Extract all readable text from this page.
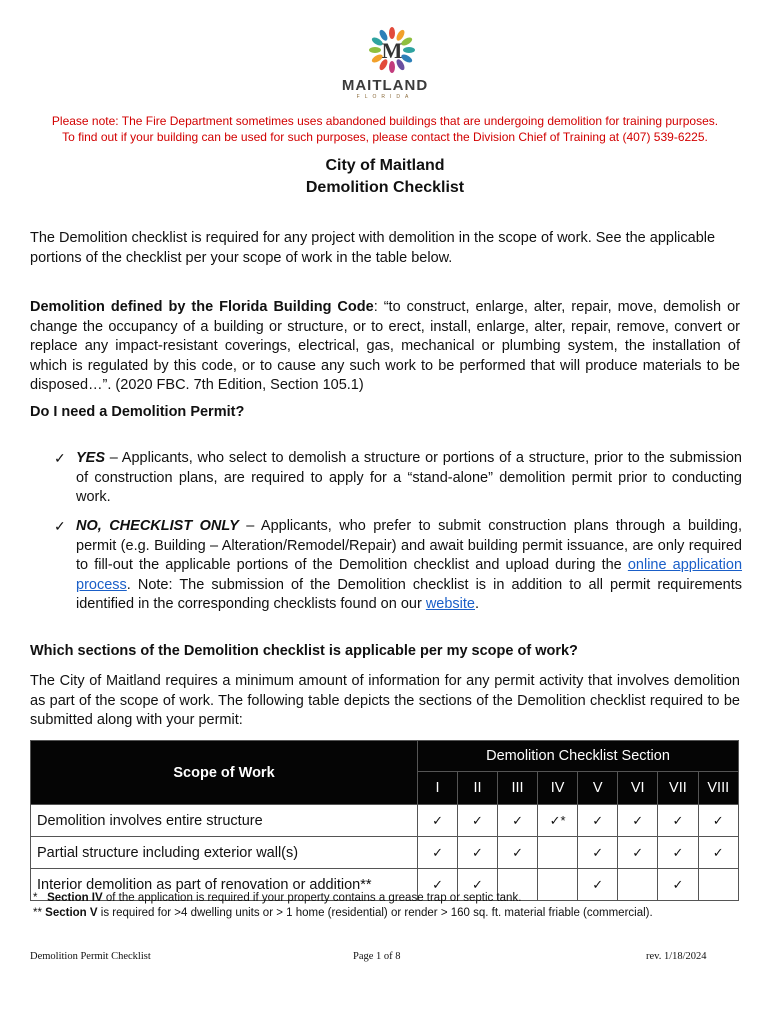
M
MAITLAND
FLORIDA
Please note: The Fire Department sometimes uses abandoned buildings that are undergoing demolition for training purposes.
To find out if your building can be used for such purposes, please contact the Division Chief of Training at (407) 539-6225.
City of Maitland
Demolition Checklist
The Demolition checklist is required for any project with demolition in the scope of work. See the applicable portions of the checklist per your scope of work in the table below.
Demolition defined by the Florida Building Code: “to construct, enlarge, alter, repair, move, demolish or change the occupancy of a building or structure, or to erect, install, enlarge, alter, repair, remove, convert or replace any impact-resistant coverings, electrical, gas, mechanical or plumbing system, the installation of which is regulated by this code, or to cause any such work to be performed that will produce materials to be disposed…”. (2020 FBC. 7th Edition, Section 105.1)
Do I need a Demolition Permit?
✓ YES – Applicants, who select to demolish a structure or portions of a structure, prior to the submission of construction plans, are required to apply for a “stand-alone” demolition permit prior to conducting work.
✓ NO, CHECKLIST ONLY – Applicants, who prefer to submit construction plans through a building, permit (e.g. Building – Alteration/Remodel/Repair) and await building permit issuance, are only required to fill-out the applicable portions of the Demolition checklist and upload during the online application process. Note: The submission of the Demolition checklist is in addition to all permit requirements identified in the corresponding checklists found on our website.
Which sections of the Demolition checklist is applicable per my scope of work?
The City of Maitland requires a minimum amount of information for any permit activity that involves demolition as part of the scope of work. The following table depicts the sections of the Demolition checklist required to be submitted along with your permit:
Scope of Work	Demolition Checklist Section							
	I	II	III	IV	V	VI	VII	VIII
Demolition involves entire structure	✓	✓	✓	✓*	✓	✓	✓	✓
Partial structure including exterior wall(s)	✓	✓	✓		✓	✓	✓	✓
Interior demolition as part of renovation or addition**	✓	✓			✓		✓	
* Section IV of the application is required if your property contains a grease trap or septic tank.
** Section V is required for >4 dwelling units or > 1 home (residential) or render > 160 sq. ft. material friable (commercial).
Demolition Permit Checklist	Page 1 of 8	rev. 1/18/2024
